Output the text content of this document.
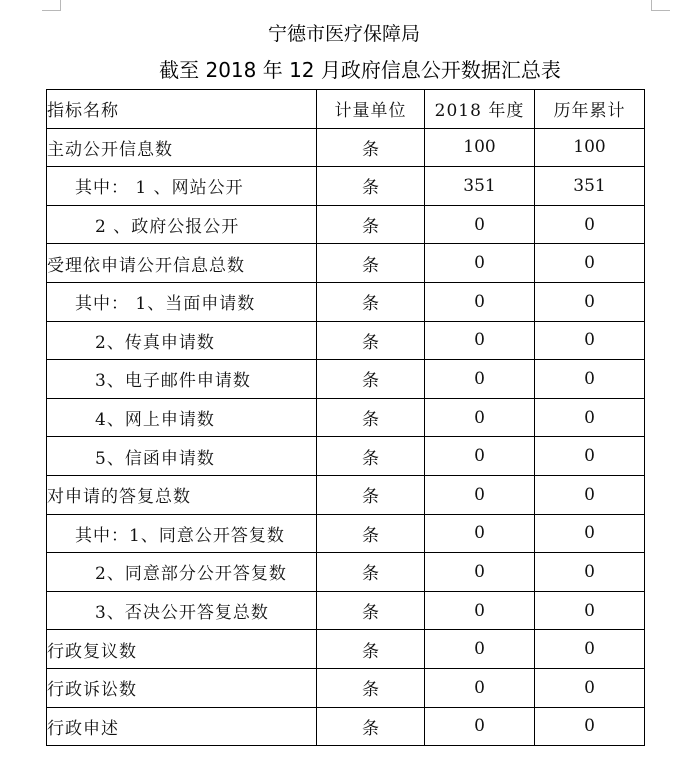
宁德市医疗保障局
截至 2018 年 12 月政府信息公开数据汇总表
指标名称	计量单位	2018 年度	历年累计
主动公开信息数	条	100	100
其中： 1 、网站公开	条	351	351
2 、政府公报公开	条	0	0
受理依申请公开信息总数	条	0	0
其中： 1、当面申请数	条	0	0
2、传真申请数	条	0	0
3、电子邮件申请数	条	0	0
4、网上申请数	条	0	0
5、信函申请数	条	0	0
对申请的答复总数	条	0	0
其中：1、同意公开答复数	条	0	0
2、同意部分公开答复数	条	0	0
3、否决公开答复总数	条	0	0
行政复议数	条	0	0
行政诉讼数	条	0	0
行政申述	条	0	0
